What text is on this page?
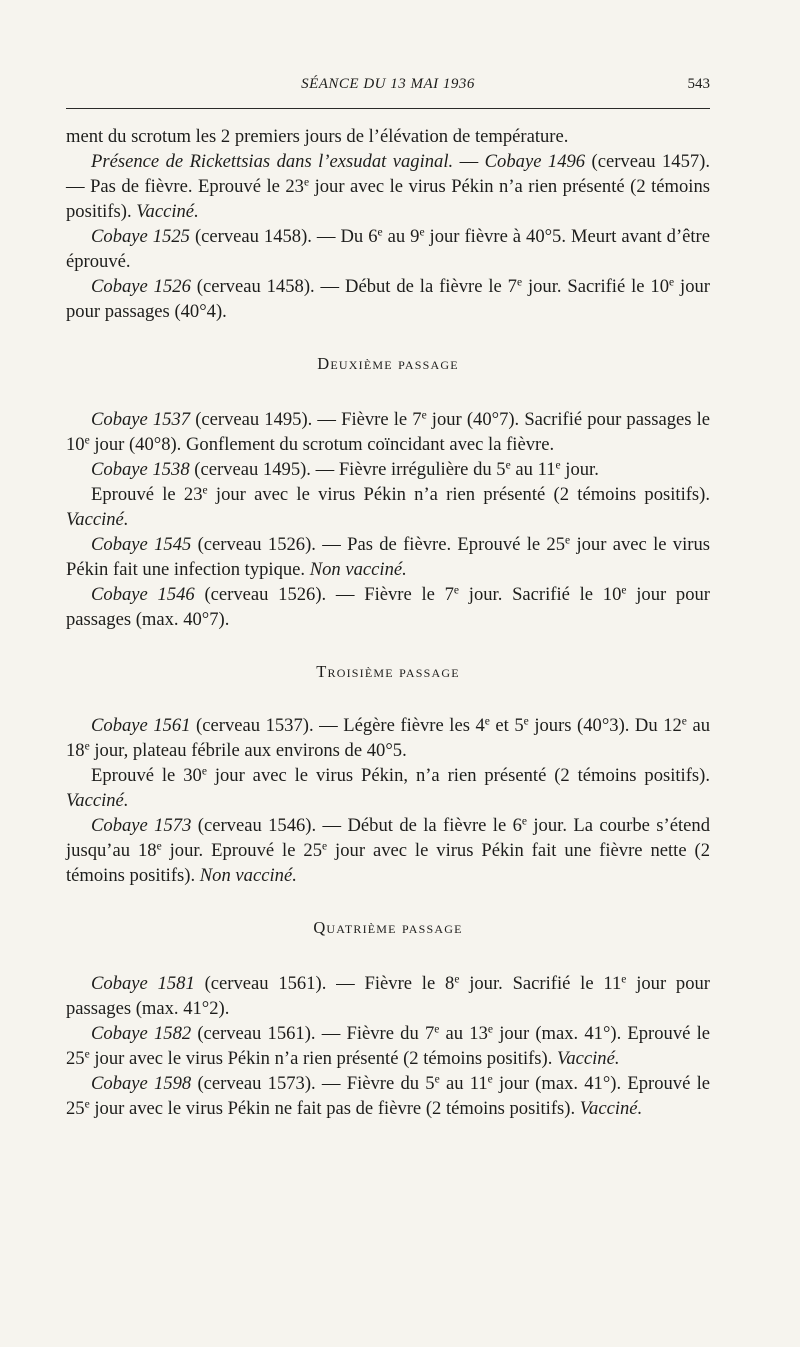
SÉANCE DU 13 MAI 1936	543

ment du scrotum les 2 premiers jours de l’élévation de température.

Présence de Rickettsias dans l’exsudat vaginal. — Cobaye 1496 (cerveau 1457). — Pas de fièvre. Eprouvé le 23e jour avec le virus Pékin n’a rien présenté (2 témoins positifs). Vacciné.

Cobaye 1525 (cerveau 1458). — Du 6e au 9e jour fièvre à 40°5. Meurt avant d’être éprouvé.

Cobaye 1526 (cerveau 1458). — Début de la fièvre le 7e jour. Sacrifié le 10e jour pour passages (40°4).

Deuxième passage

Cobaye 1537 (cerveau 1495). — Fièvre le 7e jour (40°7). Sacrifié pour passages le 10e jour (40°8). Gonflement du scrotum coïncidant avec la fièvre.

Cobaye 1538 (cerveau 1495). — Fièvre irrégulière du 5e au 11e jour.

Eprouvé le 23e jour avec le virus Pékin n’a rien présenté (2 témoins positifs). Vacciné.

Cobaye 1545 (cerveau 1526). — Pas de fièvre. Eprouvé le 25e jour avec le virus Pékin fait une infection typique. Non vacciné.

Cobaye 1546 (cerveau 1526). — Fièvre le 7e jour. Sacrifié le 10e jour pour passages (max. 40°7).

Troisième passage

Cobaye 1561 (cerveau 1537). — Légère fièvre les 4e et 5e jours (40°3). Du 12e au 18e jour, plateau fébrile aux environs de 40°5.

Eprouvé le 30e jour avec le virus Pékin, n’a rien présenté (2 témoins positifs). Vacciné.

Cobaye 1573 (cerveau 1546). — Début de la fièvre le 6e jour. La courbe s’étend jusqu’au 18e jour. Eprouvé le 25e jour avec le virus Pékin fait une fièvre nette (2 témoins positifs). Non vacciné.

Quatrième passage

Cobaye 1581 (cerveau 1561). — Fièvre le 8e jour. Sacrifié le 11e jour pour passages (max. 41°2).

Cobaye 1582 (cerveau 1561). — Fièvre du 7e au 13e jour (max. 41°). Eprouvé le 25e jour avec le virus Pékin n’a rien présenté (2 témoins positifs). Vacciné.

Cobaye 1598 (cerveau 1573). — Fièvre du 5e au 11e jour (max. 41°). Eprouvé le 25e jour avec le virus Pékin ne fait pas de fièvre (2 témoins positifs). Vacciné.
